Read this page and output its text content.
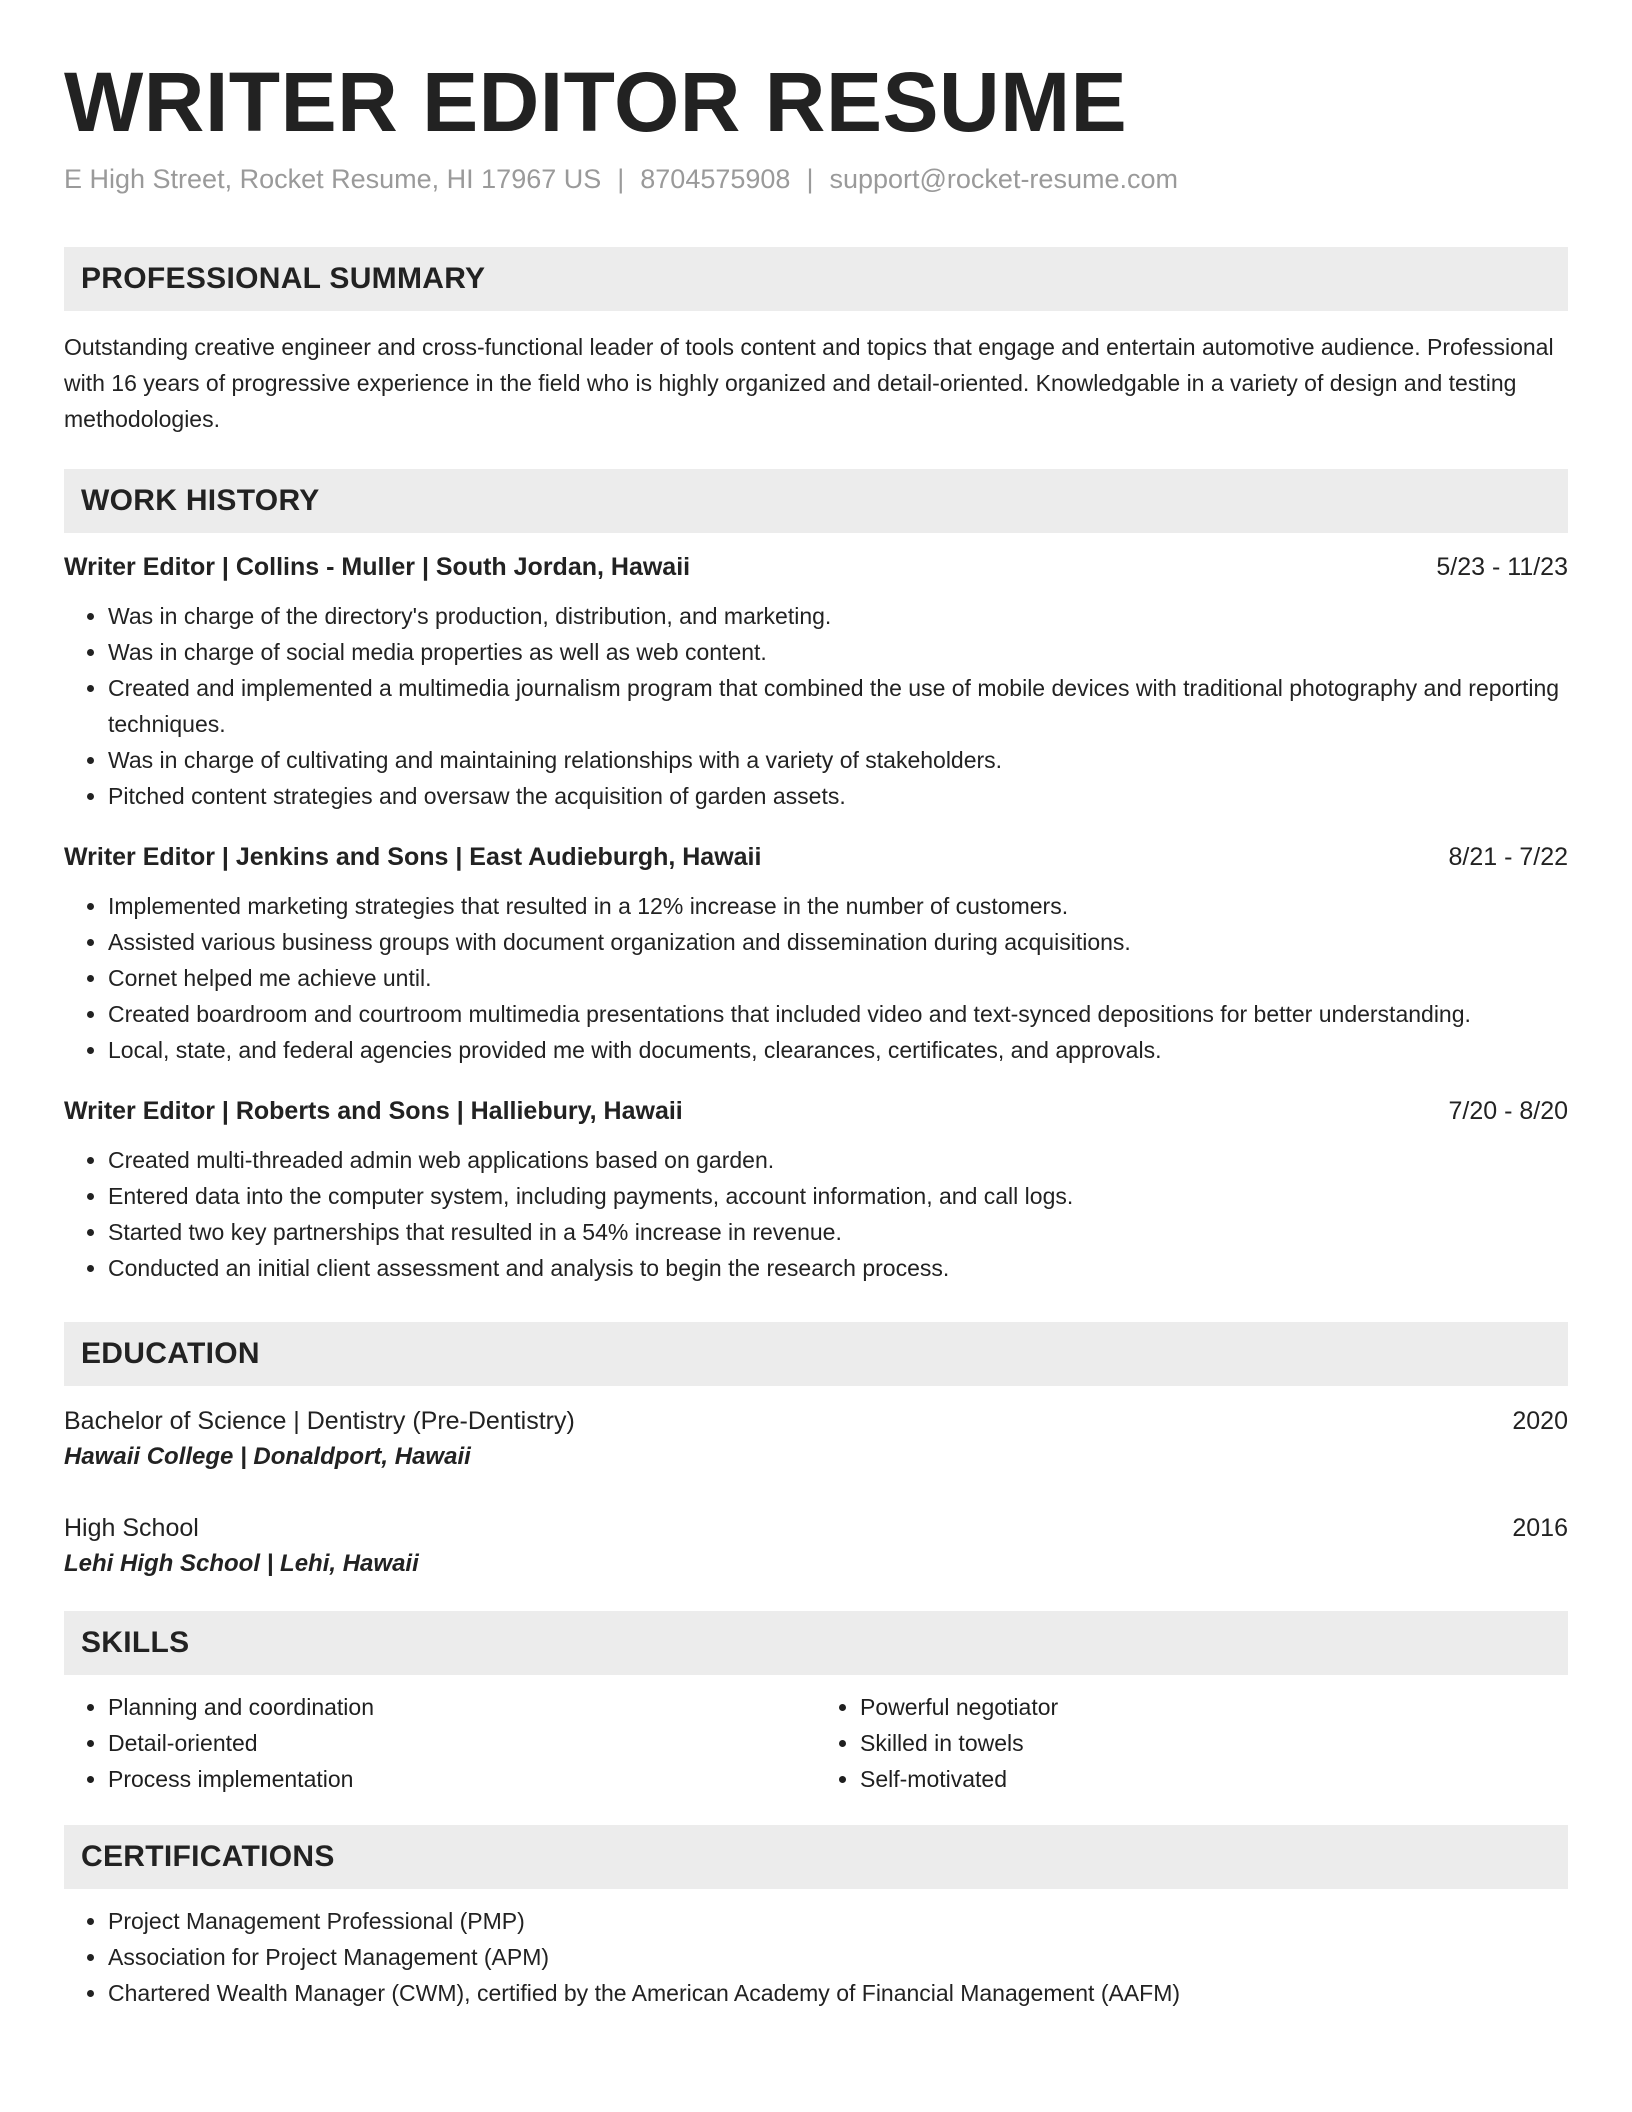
WRITER EDITOR RESUME
E High Street, Rocket Resume, HI 17967 US | 8704575908 | support@rocket-resume.com
PROFESSIONAL SUMMARY

Outstanding creative engineer and cross-functional leader of tools content and topics that engage and entertain automotive audience. Professional with 16 years of progressive experience in the field who is highly organized and detail-oriented. Knowledgable in a variety of design and testing methodologies.

WORK HISTORY
Writer Editor | Collins - Muller | South Jordan, Hawaii	5/23 - 11/23
• Was in charge of the directory's production, distribution, and marketing.
• Was in charge of social media properties as well as web content.
• Created and implemented a multimedia journalism program that combined the use of mobile devices with traditional photography and reporting techniques.
• Was in charge of cultivating and maintaining relationships with a variety of stakeholders.
• Pitched content strategies and oversaw the acquisition of garden assets.
Writer Editor | Jenkins and Sons | East Audieburgh, Hawaii	8/21 - 7/22
• Implemented marketing strategies that resulted in a 12% increase in the number of customers.
• Assisted various business groups with document organization and dissemination during acquisitions.
• Cornet helped me achieve until.
• Created boardroom and courtroom multimedia presentations that included video and text-synced depositions for better understanding.
• Local, state, and federal agencies provided me with documents, clearances, certificates, and approvals.
Writer Editor | Roberts and Sons | Halliebury, Hawaii	7/20 - 8/20
• Created multi-threaded admin web applications based on garden.
• Entered data into the computer system, including payments, account information, and call logs.
• Started two key partnerships that resulted in a 54% increase in revenue.
• Conducted an initial client assessment and analysis to begin the research process.
EDUCATION
Bachelor of Science | Dentistry (Pre-Dentistry)	2020
Hawaii College | Donaldport, Hawaii
High School	2016
Lehi High School | Lehi, Hawaii
SKILLS
• Planning and coordination
• Detail-oriented
• Process implementation
• Powerful negotiator
• Skilled in towels
• Self-motivated
CERTIFICATIONS
• Project Management Professional (PMP)
• Association for Project Management (APM)
• Chartered Wealth Manager (CWM), certified by the American Academy of Financial Management (AAFM)
